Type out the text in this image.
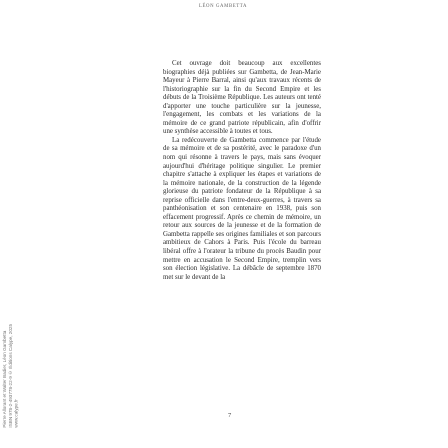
LÉON GAMBETTA

Cet ouvrage doit beaucoup aux excellentes biographies déjà publiées sur Gambetta, de Jean-Marie Mayeur à Pierre Barral, ainsi qu'aux travaux récents de l'historiographie sur la fin du Second Empire et les débuts de la Troisième République. Les auteurs ont tenté d'apporter une touche particulière sur la jeunesse, l'engagement, les combats et les variations de la mémoire de ce grand patriote républicain, afin d'offrir une synthèse accessible à toutes et tous.

La redécouverte de Gambetta commence par l'étude de sa mémoire et de sa postérité, avec le paradoxe d'un nom qui résonne à travers le pays, mais sans évoquer aujourd'hui d'héritage politique singulier. Le premier chapitre s'attache à expliquer les étapes et variations de la mémoire nationale, de la construction de la légende glorieuse du patriote fondateur de la République à sa reprise officielle dans l'entre-deux-guerres, à travers sa panthéonisation et son centenaire en 1938, puis son effacement progressif. Après ce chemin de mémoire, un retour aux sources de la jeunesse et de la formation de Gambetta rappelle ses origines familiales et son parcours ambitieux de Cahors à Paris. Puis l'école du barreau libéral offre à l'orateur la tribune du procès Baudin pour mettre en accusation le Second Empire, tremplin vers son élection législative. La débâcle de septembre 1870 met sur le devant de la

Pierre Allorant et Walter Badier, Léon Gambetta ISBN 978-2-493778-22-9 © Éditions Calype, 2025 www.calype.fr	7
